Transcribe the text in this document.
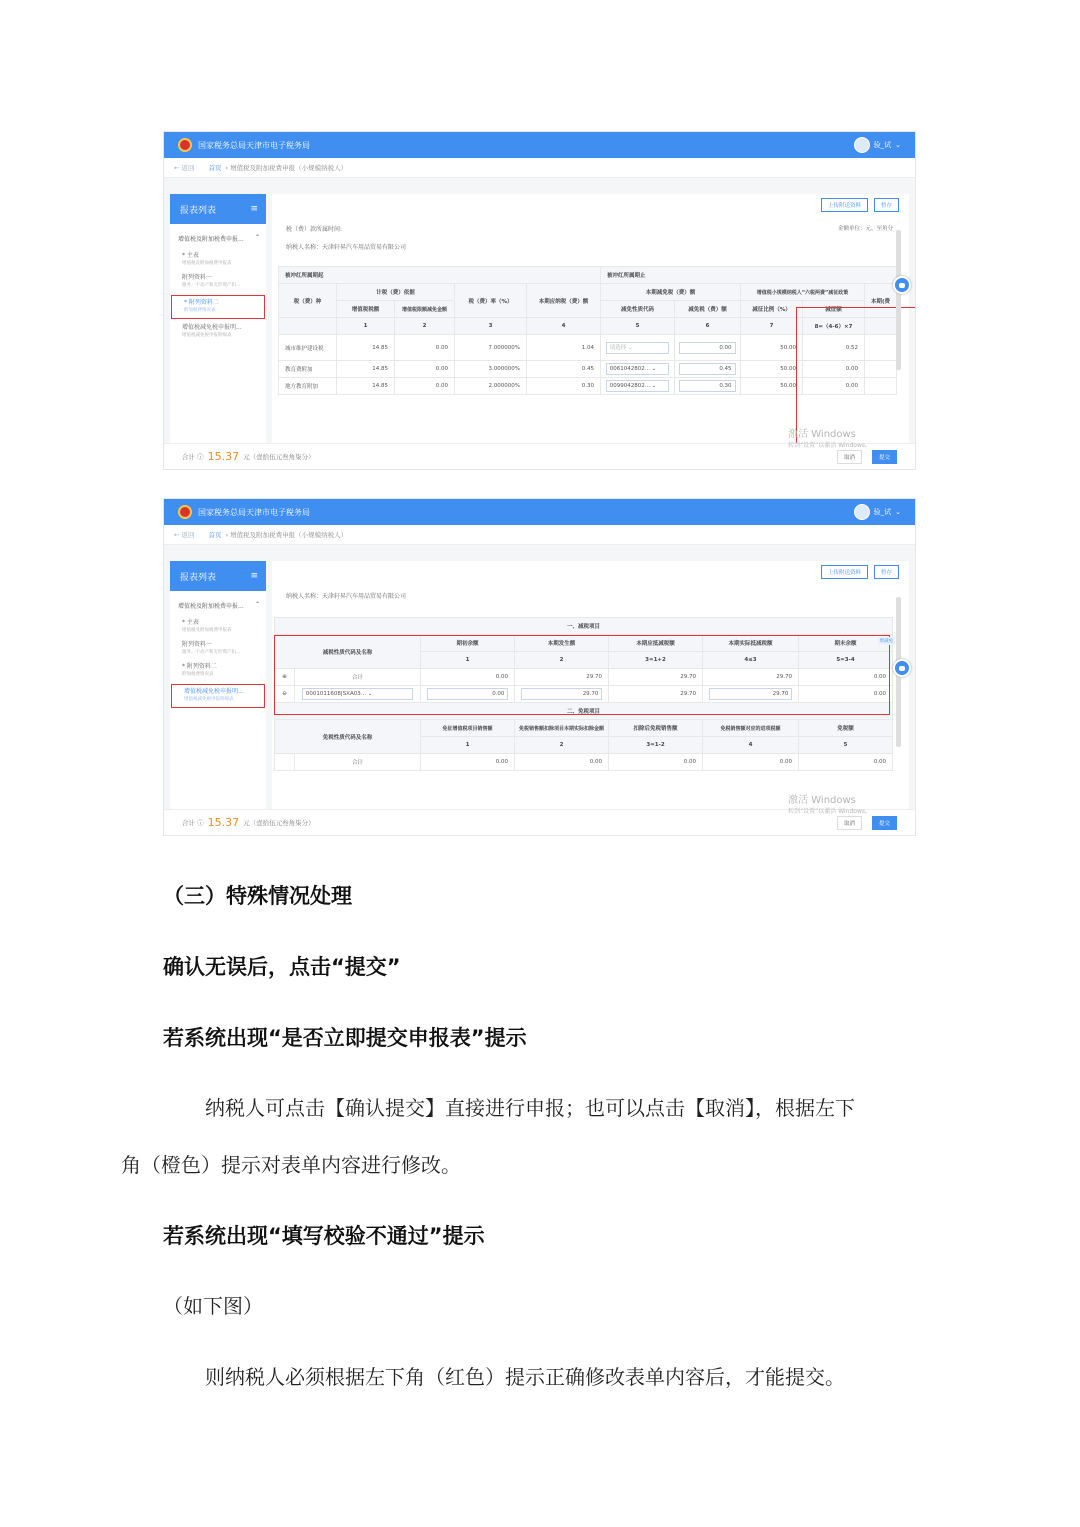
国家税务总局天津市电子税务局	验_试 ⌄
← 返回 首页 › 增值税及附加税费申报（小规模纳税人）
报表列表	≡
增值税及附加税费申报... ⌃
* 主表
增值税及附加税费申报表
附列资料一
服务、不动产和无形资产扣...
* 附列资料二
附加税费情况表
增值税减免税申报明...
增值税减免税申报明细表
上传附送资料	暂存
税（费）款所属时间:	金额单位：元、至角分
纳税人名称：天津轩昇汽车用品贸易有限公司
被冲红所属期起					被冲红所属期止				
税（费）种	计税（费）依据		税（费）率（%）	本期应纳税（费）额	本期减免税（费）额		增值税小规模纳税人“六税两费”减征政策		本期(费
	增值税税额	增值税限额减免金额			减免性质代码	减免税（费）额	减征比例（%）	减征额	
	1	2	3	4	5	6	7	8=（4-6）×7	
城市维护建设税	14.85	0.00	7.000000%	1.04	请选择 ⌄	0.00	50.00	0.52	
教育费附加	14.85	0.00	3.000000%	0.45	0061042802... ⌄	0.45	50.00	0.00	
地方教育附加	14.85	0.00	2.000000%	0.30	0099042802... ⌄	0.30	50.00	0.00	
合计 ⓘ 15.37 元（壹拾伍元叁角柒分）	取消	提交
激活 Windows
转到“设置”以激活 Windows。
国家税务总局天津市电子税务局	验_试 ⌄
← 返回 首页 › 增值税及附加税费申报（小规模纳税人）
报表列表	≡
增值税及附加税费申报... ⌃
* 主表
增值税及附加税费申报表
附列资料一
服务、不动产和无形资产扣...
* 附列资料二
附加税费情况表
增值税减免税申报明...
增值税减免税申报明细表
上传附送资料	暂存
纳税人名称：天津轩昇汽车用品贸易有限公司
一、减税项目						
减税性质代码及名称		期初余额	本期发生额	本期应抵减税额	本期实际抵减税额	期末余额
		1	2	3=1+2	4≤3	5=3-4
⊕	合计	0.00	29.70	29.70	29.70	0.00
⊖	0001011608|SXA03... ⌄	0.00	29.70	29.70	29.70	0.00
二、免税项目						
免税性质代码及名称		免征增值税项目销售额	免税销售额扣除项目本期实际扣除金额	扣除后免税销售额	免税销售额对应的进项税额	免税额
		1	2	3=1-2	4	5
	合计	0.00	0.00	0.00	0.00	0.00
增减免
合计 ⓘ 15.37 元（壹拾伍元叁角柒分）	取消	提交
激活 Windows
转到“设置”以激活 Windows。
（三）特殊情况处理
确认无误后，点击“提交”
若系统出现“是否立即提交申报表”提示
纳税人可点击【确认提交】直接进行申报；也可以点击【取消】，根据左下
角（橙色）提示对表单内容进行修改。
若系统出现“填写校验不通过”提示
（如下图）
则纳税人必须根据左下角（红色）提示正确修改表单内容后，才能提交。
